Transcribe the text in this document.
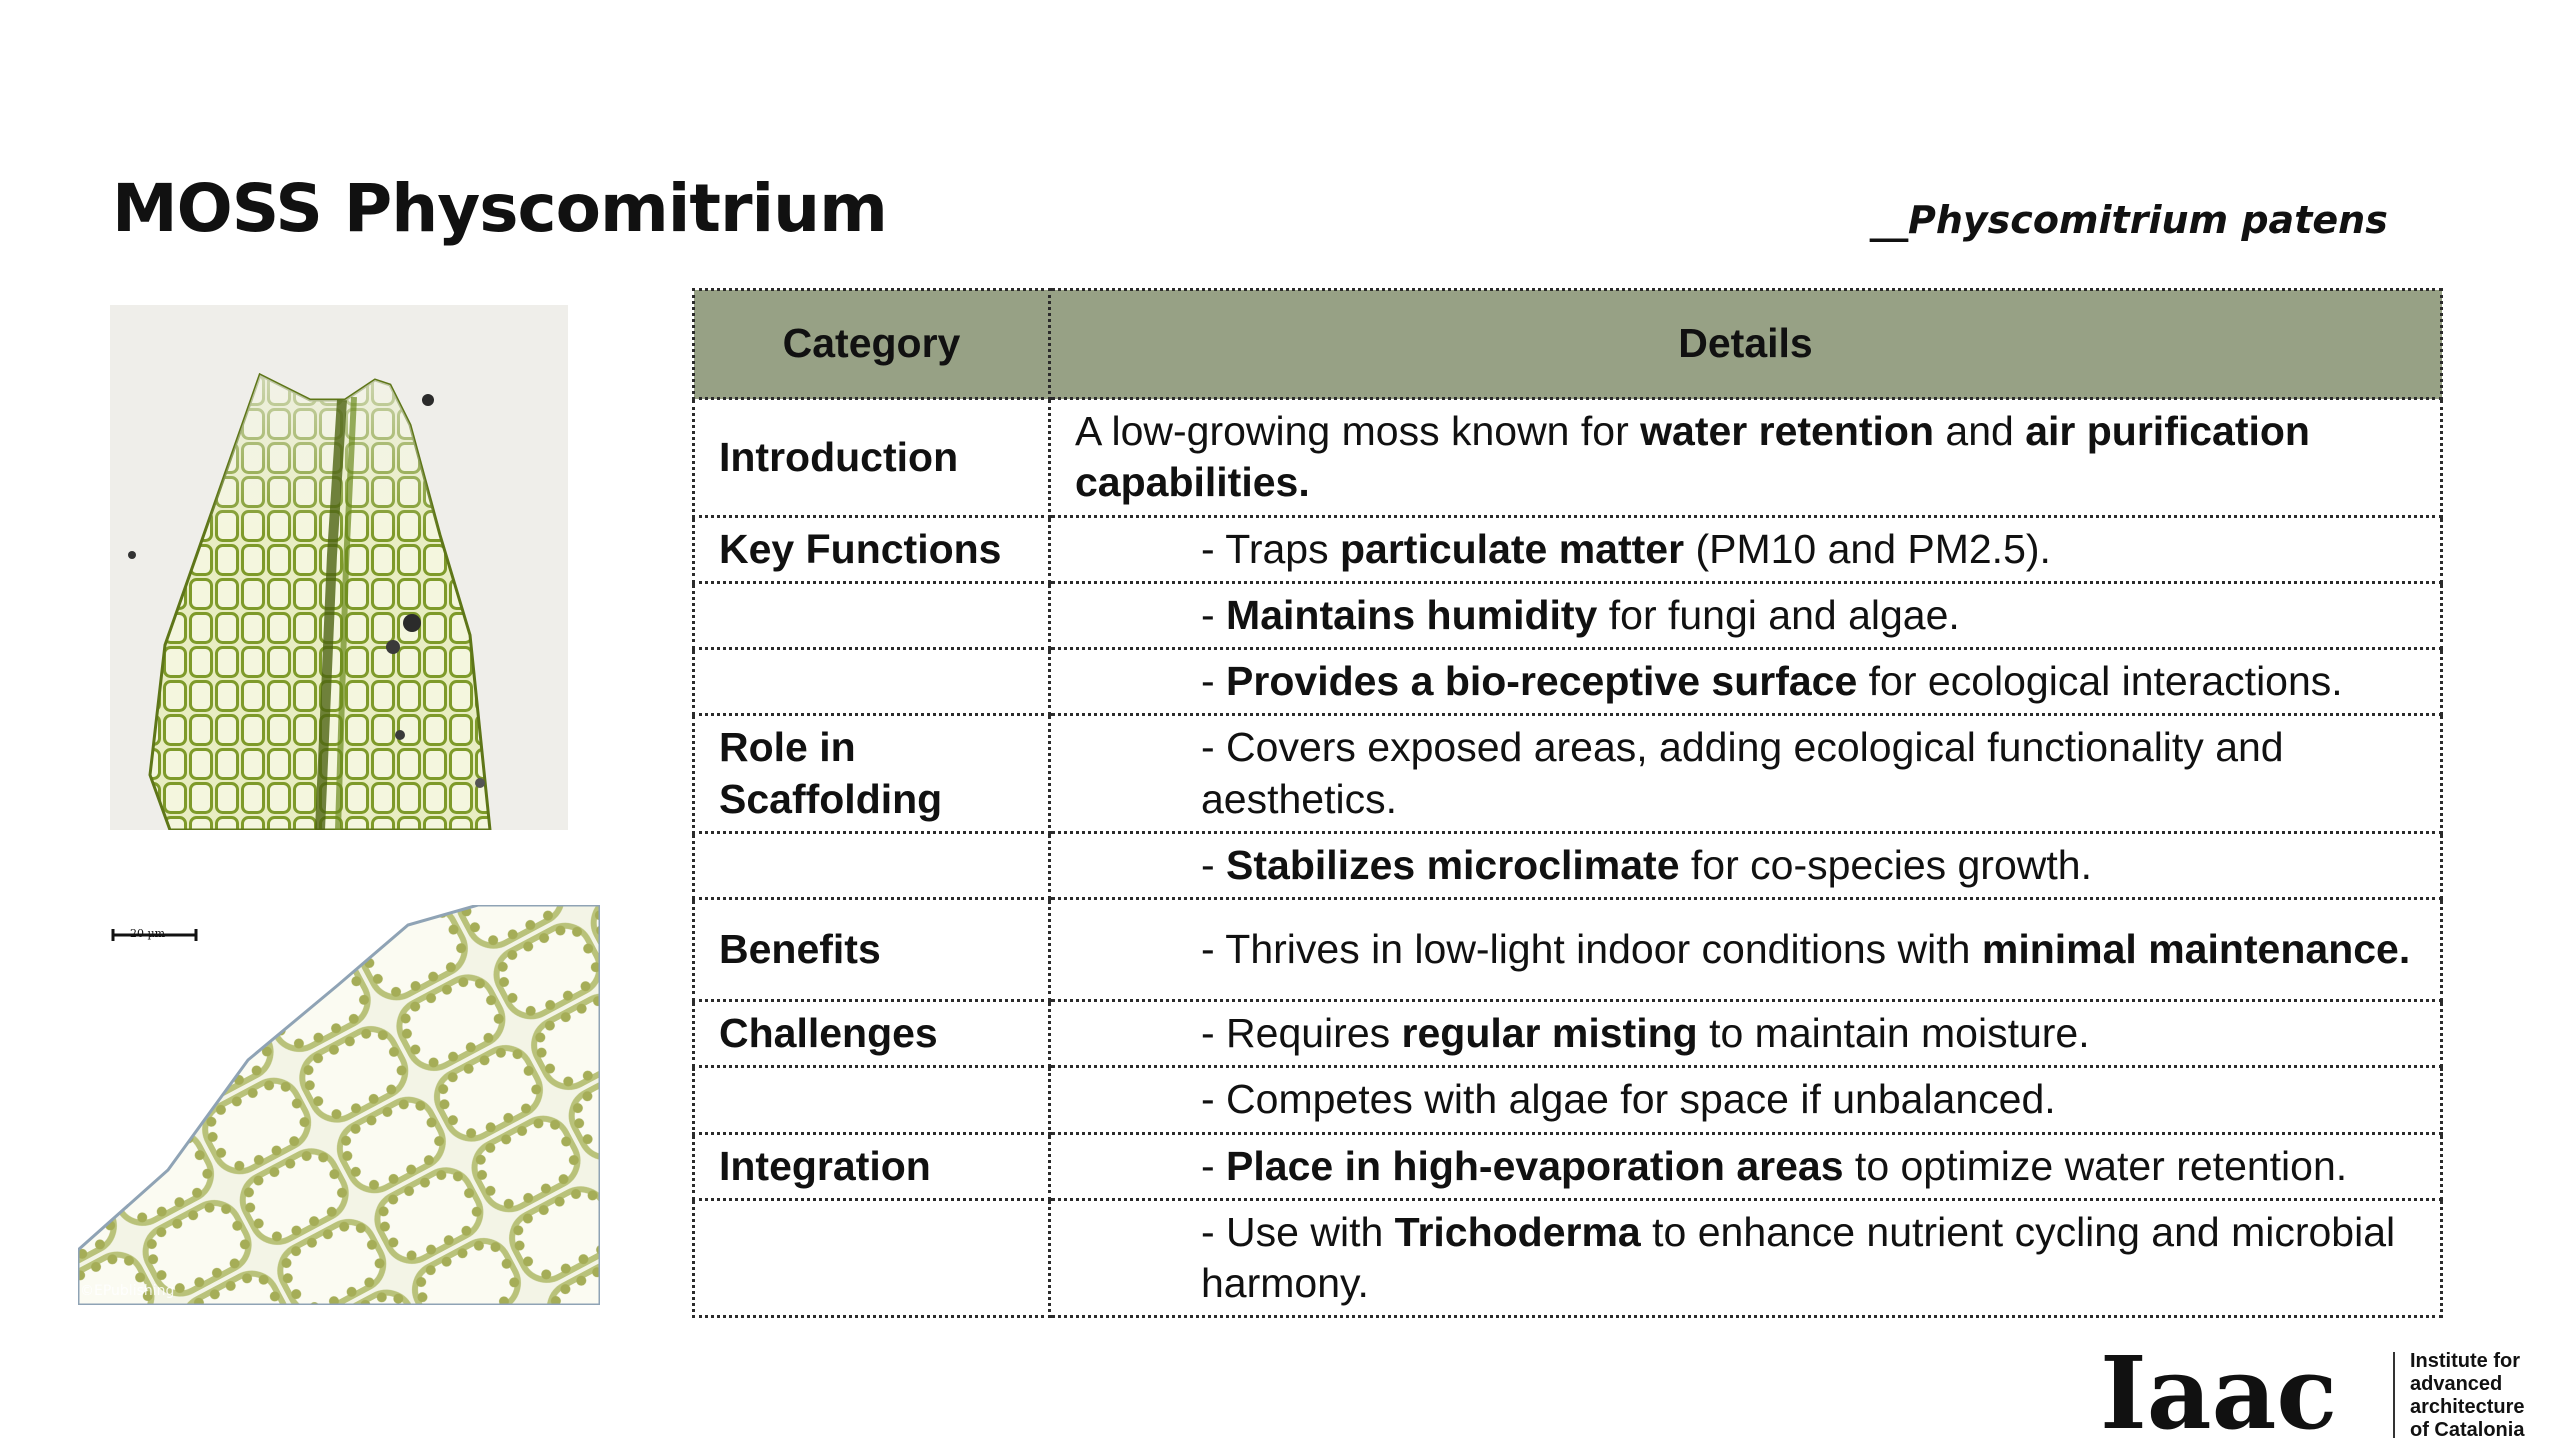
MOSS Physcomitrium	__Physcomitrium patens
20 µm
©EPublishing
Category	Details
Introduction	A low-growing moss known for water retention and air purification capabilities.
Key Functions	- Traps particulate matter (PM10 and PM2.5).
	- Maintains humidity for fungi and algae.
	- Provides a bio-receptive surface for ecological interactions.
Role in Scaffolding	- Covers exposed areas, adding ecological functionality and aesthetics.
	- Stabilizes microclimate for co-species growth.
Benefits	- Thrives in low-light indoor conditions with minimal maintenance.
Challenges	- Requires regular misting to maintain moisture.
	- Competes with algae for space if unbalanced.
Integration	- Place in high-evaporation areas to optimize water retention.
	- Use with Trichoderma to enhance nutrient cycling and microbial harmony.
Iaac	Institute for
advanced
architecture
of Catalonia
